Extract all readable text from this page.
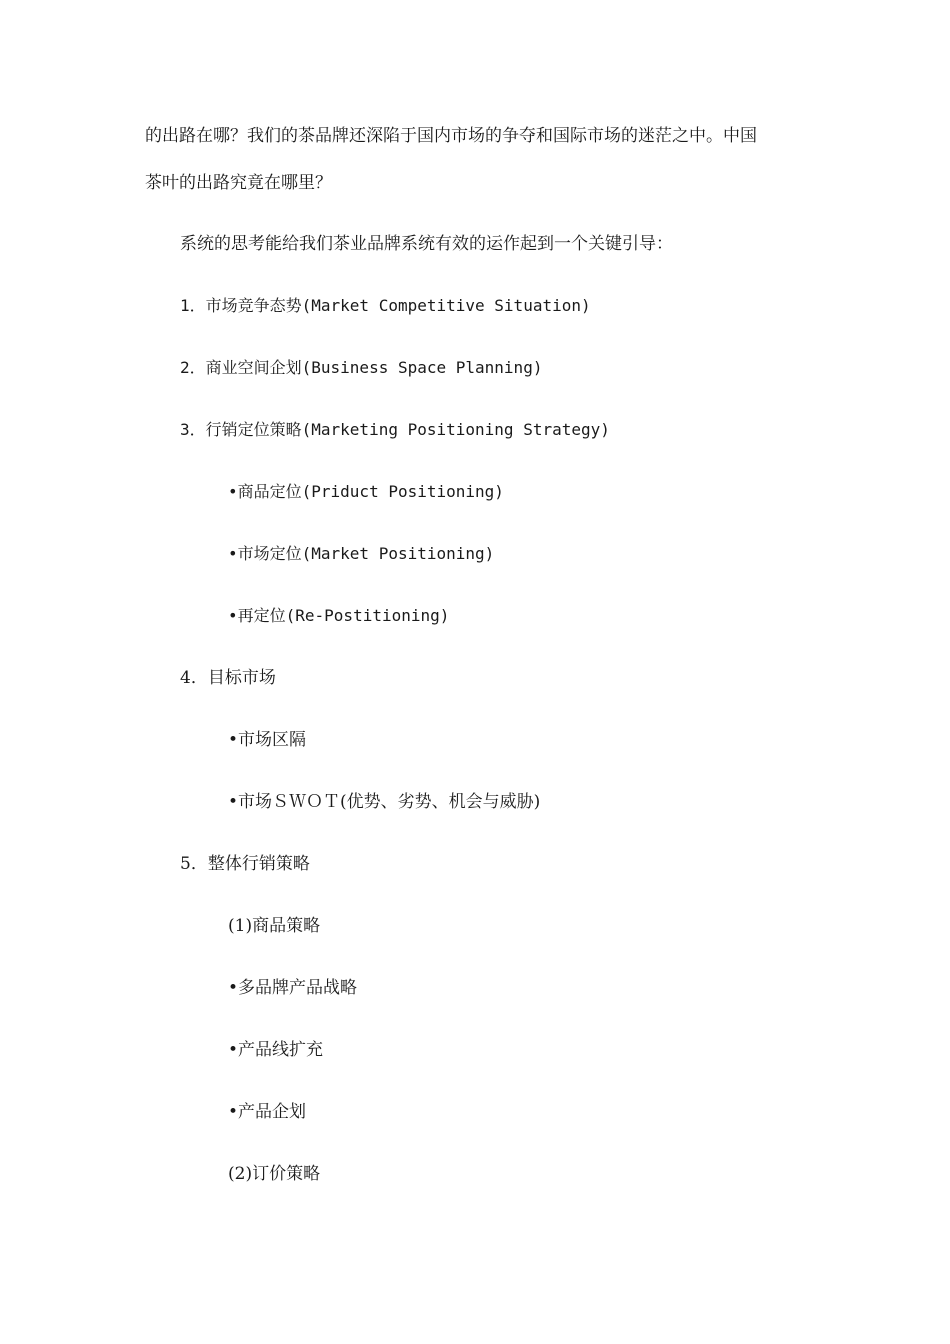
的出路在哪？我们的茶品牌还深陷于国内市场的争夺和国际市场的迷茫之中。中国
茶叶的出路究竟在哪里？
系统的思考能给我们茶业品牌系统有效的运作起到一个关键引导：
1．市场竞争态势(Market Competitive Situation)
2．商业空间企划(Business Space Planning)
3．行销定位策略(Marketing Positioning Strategy)
•商品定位(Priduct Positioning)
•市场定位(Market Positioning)
•再定位(Re-Postitioning)
4．目标市场
•市场区隔
•市场ＳＷＯＴ(优势、劣势、机会与威胁)
5．整体行销策略
(1)商品策略
•多品牌产品战略
•产品线扩充
•产品企划
(2)订价策略
